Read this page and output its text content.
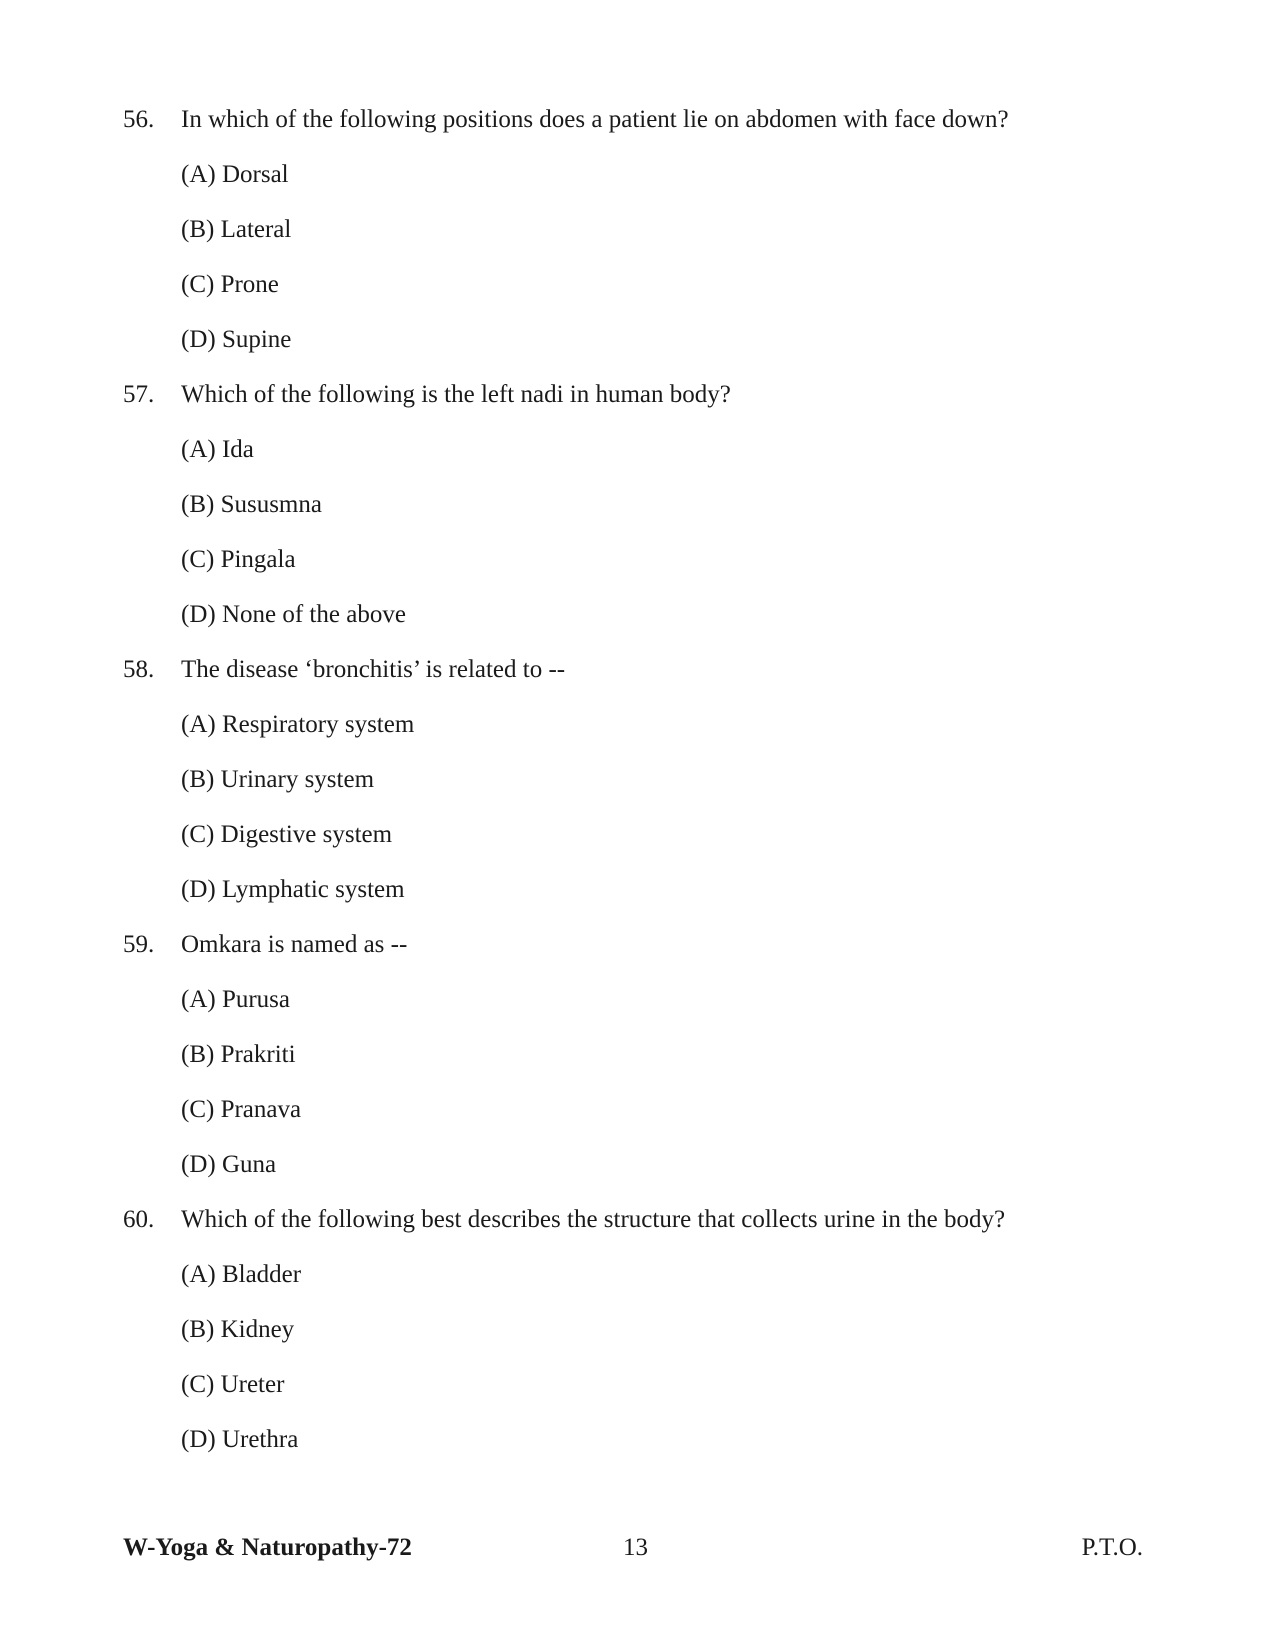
56.	In which of the following positions does a patient lie on abdomen with face down?
(A) Dorsal
(B) Lateral
(C) Prone
(D) Supine
57.	Which of the following is the left nadi in human body?
(A) Ida
(B) Sususmna
(C) Pingala
(D) None of the above
58.	The disease ‘bronchitis’ is related to --
(A) Respiratory system
(B) Urinary system
(C) Digestive system
(D) Lymphatic system
59.	Omkara is named as --
(A) Purusa
(B) Prakriti
(C) Pranava
(D) Guna
60.	Which of the following best describes the structure that collects urine in the body?
(A) Bladder
(B) Kidney
(C) Ureter
(D) Urethra
W-Yoga & Naturopathy-72	13	P.T.O.
